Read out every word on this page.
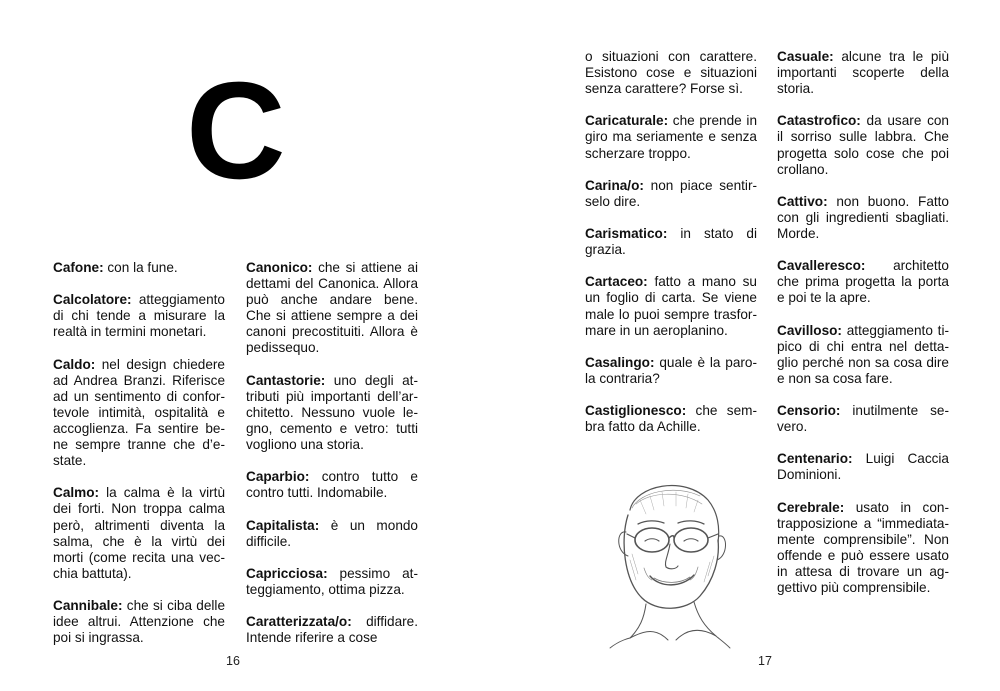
C

Cafone: con la fune.

Calcolatore: atteggiamento di chi tende a misurare la realtà in termini monetari.

Caldo: nel design chiedere ad Andrea Branzi. Riferisce ad un sentimento di confortevole intimità, ospitalità e accoglienza. Fa sentire bene sempre tranne che d’estate.

Calmo: la calma è la virtù dei forti. Non troppa calma però, altrimenti diventa la salma, che è la virtù dei morti (come recita una vecchia battuta).

Cannibale: che si ciba delle idee altrui. Attenzione che poi si ingrassa.

Canonico: che si attiene ai dettami del Canonica. Allora può anche andare bene. Che si attiene sempre a dei canoni precostituiti. Allora è pedissequo.

Cantastorie: uno degli attributi più importanti dell’architetto. Nessuno vuole legno, cemento e vetro: tutti vogliono una storia.

Caparbio: contro tutto e contro tutti. Indomabile.

Capitalista: è un mondo difficile.

Capricciosa: pessimo atteggiamento, ottima pizza.

Caratterizzata/o: diffidare. Intende riferire a cose

16

o situazioni con carattere. Esistono cose e situazioni senza carattere? Forse sì.

Caricaturale: che prende in giro ma seriamente e senza scherzare troppo.

Carina/o: non piace sentirselo dire.

Carismatico: in stato di grazia.

Cartaceo: fatto a mano su un foglio di carta. Se viene male lo puoi sempre trasformare in un aeroplanino.

Casalingo: quale è la parola contraria?

Castiglionesco: che sembra fatto da Achille.

Casuale: alcune tra le più importanti scoperte della storia.

Catastrofico: da usare con il sorriso sulle labbra. Che progetta solo cose che poi crollano.

Cattivo: non buono. Fatto con gli ingredienti sbagliati. Morde.

Cavalleresco: architetto che prima progetta la porta e poi te la apre.

Cavilloso: atteggiamento tipico di chi entra nel dettaglio perché non sa cosa dire e non sa cosa fare.

Censorio: inutilmente severo.

Centenario: Luigi Caccia Dominioni.

Cerebrale: usato in contrapposizione a “immediatamente comprensibile”. Non offende e può essere usato in attesa di trovare un aggettivo più comprensibile.

17
